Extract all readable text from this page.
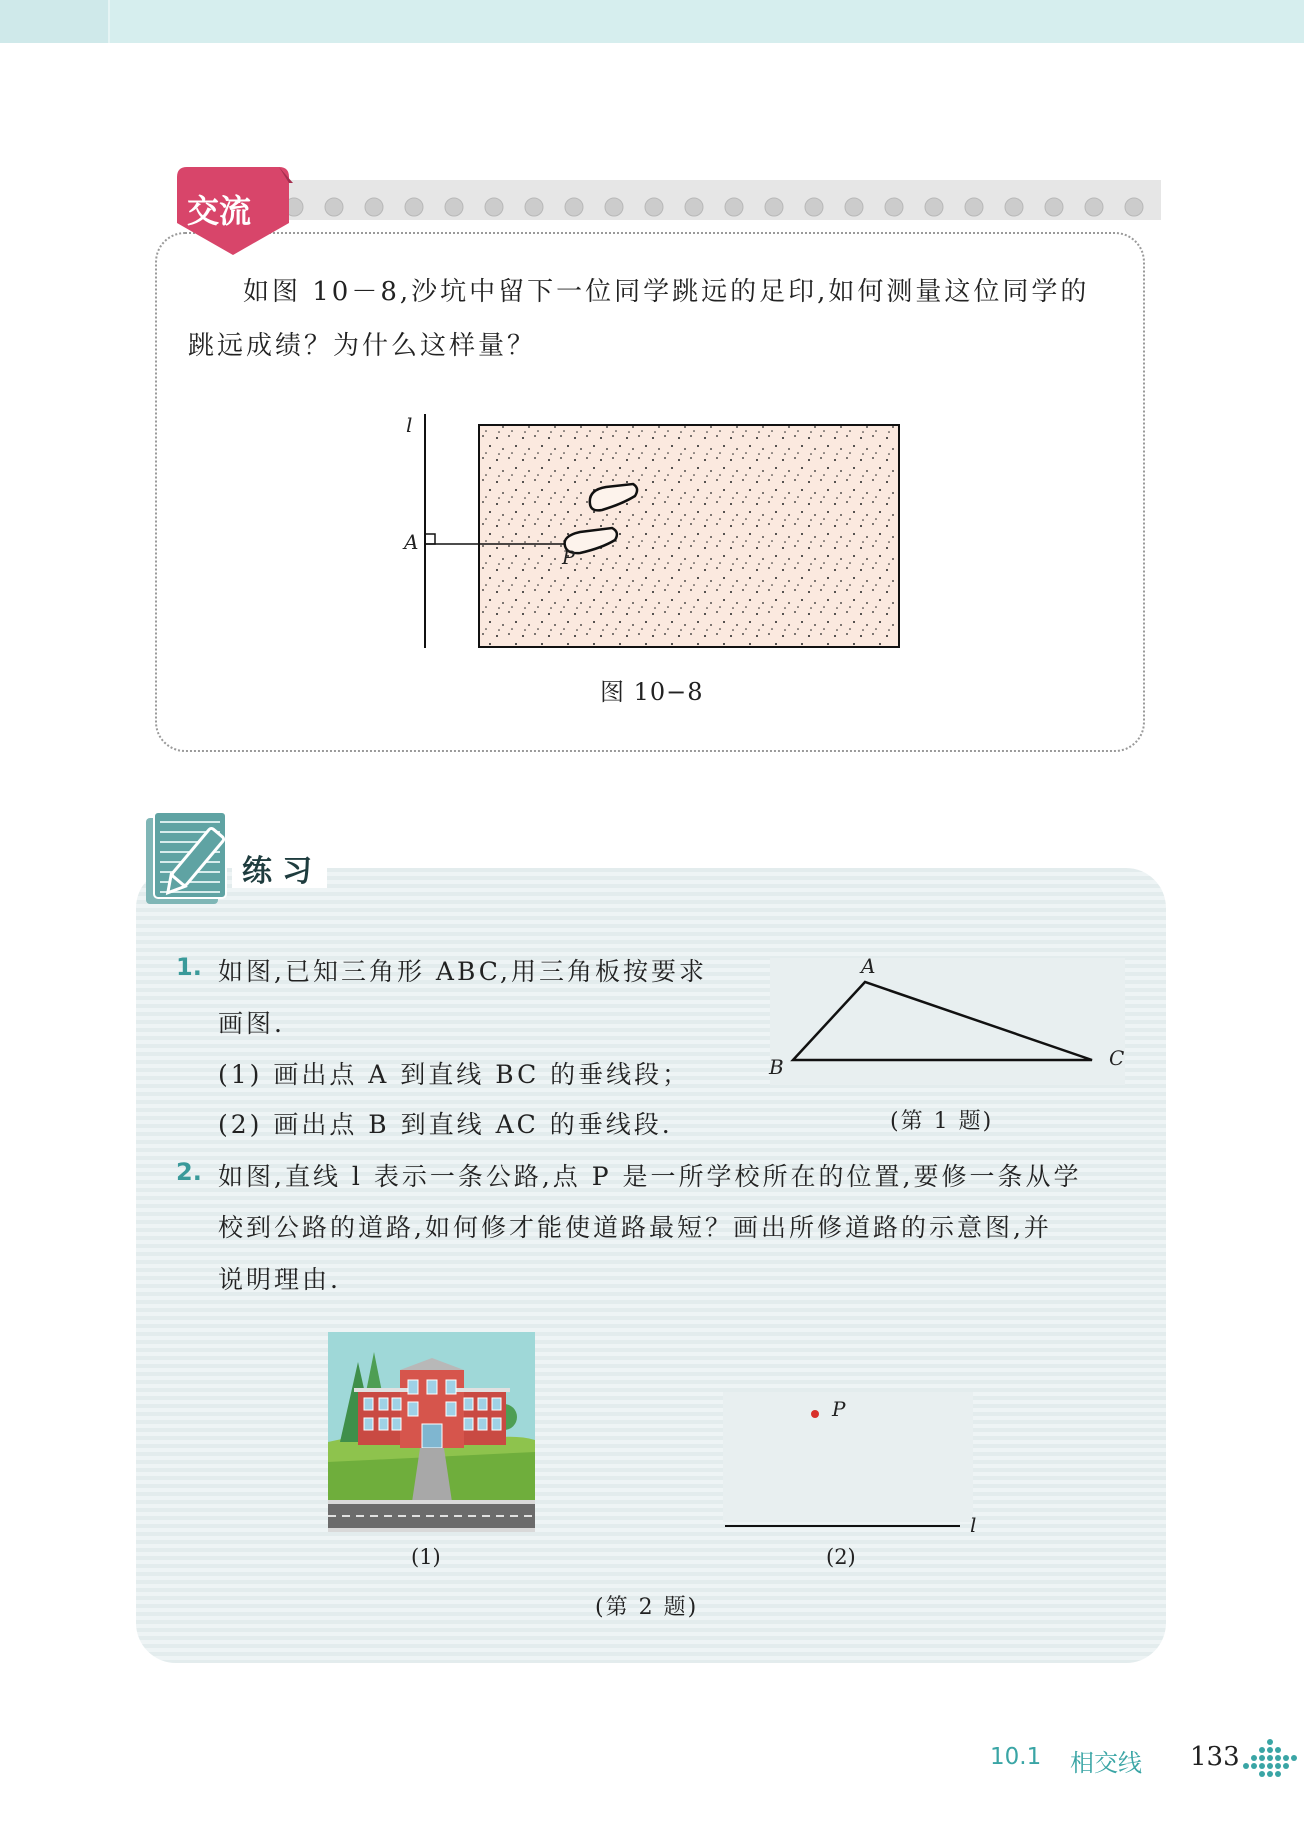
交流
如图 10－8,沙坑中留下一位同学跳远的足印,如何测量这位同学的
跳远成绩？为什么这样量？
l
A
P
图 10−8
练习
1. 如图,已知三角形 ABC,用三角板按要求
画图.
(1) 画出点 A 到直线 BC 的垂线段；
(2) 画出点 B 到直线 AC 的垂线段.
A
B	C
(第 1 题)
2. 如图,直线 l 表示一条公路,点 P 是一所学校所在的位置,要修一条从学
校到公路的道路,如何修才能使道路最短？画出所修道路的示意图,并
说明理由.
(1)
P
l
(2)
(第 2 题)
10.1 相交线 133
